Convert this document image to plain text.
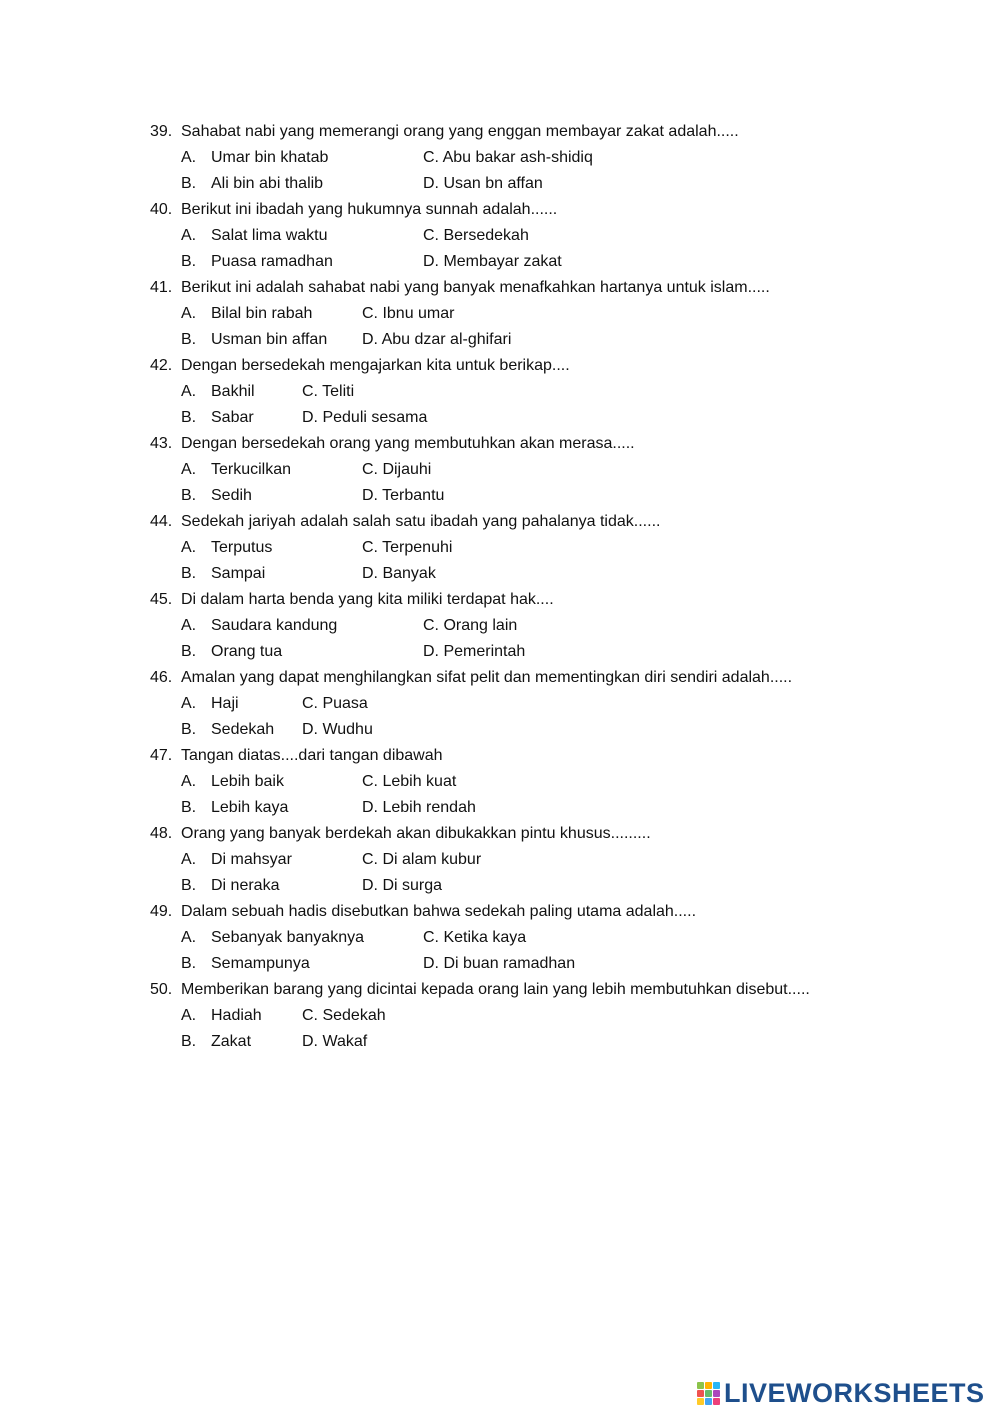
39. Sahabat nabi yang memerangi orang yang enggan membayar zakat adalah.....
A. Umar bin khatab	C. Abu bakar ash-shidiq
B. Ali bin abi thalib	D. Usan bn affan
40. Berikut ini ibadah yang hukumnya sunnah adalah......
A. Salat lima waktu	C. Bersedekah
B. Puasa ramadhan	D. Membayar zakat
41. Berikut ini adalah sahabat nabi yang banyak menafkahkan hartanya untuk islam.....
A. Bilal bin rabah	C. Ibnu umar
B. Usman bin affan D. Abu dzar al-ghifari
42. Dengan bersedekah mengajarkan kita untuk berikap....
A. Bakhil	C. Teliti
B. Sabar	D. Peduli sesama
43. Dengan bersedekah orang yang membutuhkan akan merasa.....
A. Terkucilkan	C. Dijauhi
B. Sedih	D. Terbantu
44. Sedekah jariyah adalah salah satu ibadah yang pahalanya tidak......
A. Terputus	C. Terpenuhi
B. Sampai	D. Banyak
45. Di dalam harta benda yang kita miliki terdapat hak....
A. Saudara kandung	C. Orang lain
B. Orang tua	D. Pemerintah
46. Amalan yang dapat menghilangkan sifat pelit dan mementingkan diri sendiri adalah.....
A. Haji	C. Puasa
B. Sedekah D. Wudhu
47. Tangan diatas....dari tangan dibawah
A. Lebih baik	C. Lebih kuat
B. Lebih kaya	D. Lebih rendah
48. Orang yang banyak berdekah akan dibukakkan pintu khusus.........
A. Di mahsyar	C. Di alam kubur
B. Di neraka	D. Di surga
49. Dalam sebuah hadis disebutkan bahwa sedekah paling utama adalah.....
A. Sebanyak banyaknya	C. Ketika kaya
B. Semampunya	D. Di buan ramadhan
50. Memberikan barang yang dicintai kepada orang lain yang lebih membutuhkan disebut.....
A. Hadiah	C. Sedekah
B. Zakat	D. Wakaf
LIVEWORKSHEETS
